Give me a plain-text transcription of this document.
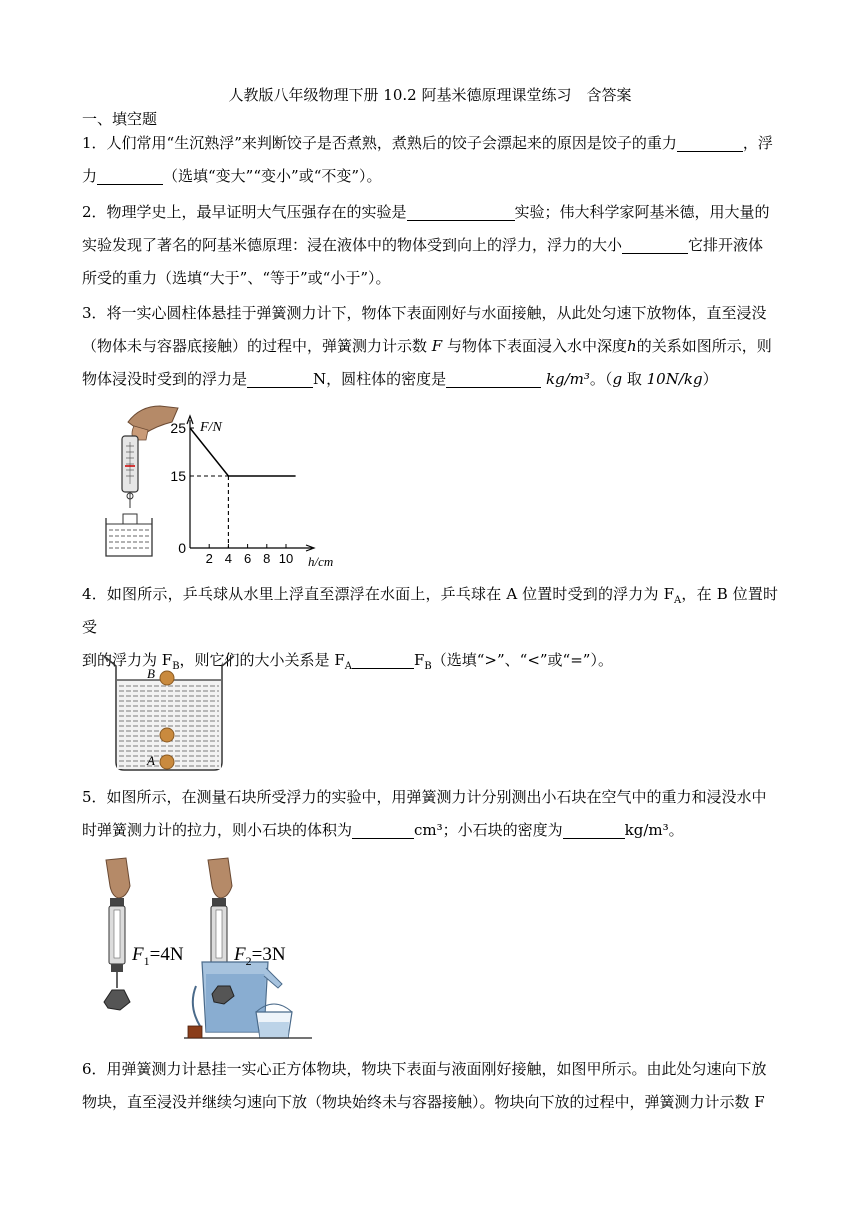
人教版八年级物理下册 10.2 阿基米德原理课堂练习　含答案
一、填空题
1．人们常用“生沉熟浮”来判断饺子是否煮熟，煮熟后的饺子会漂起来的原因是饺子的重力	，浮
力	（选填“变大”“变小”或“不变”）。
2．物理学史上，最早证明大气压强存在的实验是	实验；伟大科学家阿基米德，用大量的
实验发现了著名的阿基米德原理：浸在液体中的物体受到向上的浮力，浮力的大小	它排开液体
所受的重力（选填“大于”、“等于”或“小于”）。
3．将一实心圆柱体悬挂于弹簧测力计下，物体下表面刚好与水面接触，从此处匀速下放物体，直至浸没
（物体未与容器底接触）的过程中，弹簧测力计示数 F 与物体下表面浸入水中深度h的关系如图所示，则
物体浸没时受到的浮力是	N，圆柱体的密度是	kg/m³。（g 取 10N/kg）
2 4 6 8 10
0
15
25 F/N
h/cm
4．如图所示，乒乓球从水里上浮直至漂浮在水面上，乒乓球在 A 位置时受到的浮力为 $F_A$，在 B 位置时受
到的浮力为 $F_B$，则它们的大小关系是 $F_A$	$F_B$（选填“>”、“<”或“=”）。
B
A
5．如图所示，在测量石块所受浮力的实验中，用弹簧测力计分别测出小石块在空气中的重力和浸没水中
时弹簧测力计的拉力，则小石块的体积为	cm³；小石块的密度为	kg/m³。
$F_1=4N$	$F_2=3N$
6．用弹簧测力计悬挂一实心正方体物块，物块下表面与液面刚好接触，如图甲所示。由此处匀速向下放
物块，直至浸没并继续匀速向下放（物块始终未与容器接触）。物块向下放的过程中，弹簧测力计示数 F
